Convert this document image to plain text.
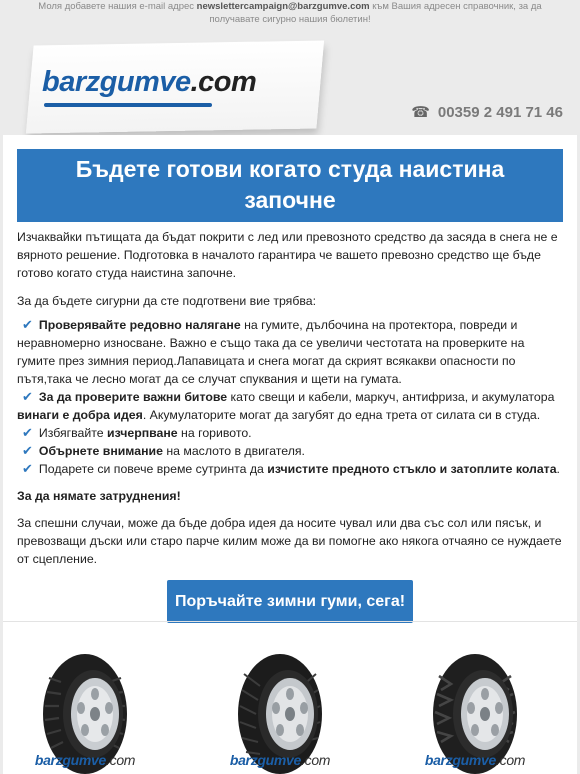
Моля добавете нашия e-mail адрес newslettercampaign@barzgumve.com към Вашия адресен справочник, за да получавате сигурно нашия бюлетин!
barzgumve.com
☎ 00359 2 491 71 46
Бъдете готови когато студа наистина започне

Изчаквайки пътищата да бъдат покрити с лед или превозното средство да засяда в снега не е вярното решение. Подготовка в началото гарантира че вашето превозно средство ще бъде готово когато студа наистина започне.

За да бъдете сигурни да сте подготвени вие трябва:

✔ Проверявайте редовно налягане на гумите, дълбочина на протектора, повреди и неравномерно износване. Важно е също така да се увеличи честотата на проверките на гумите през зимния период.Лапавицата и снега могат да скрият всякакви опасности по пътя,така че лесно могат да се случат спуквания и щети на гумата.
✔ За да проверите важни битове като свещи и кабели, маркуч, антифриза, и акумулатора винаги е добра идея. Акумулаторите могат да загубят до една трета от силата си в студа.
✔ Избягвайте изчерпване на горивото.
✔ Обърнете внимание на маслото в двигателя.
✔ Подарете си повече време сутринта да изчистите предното стъкло и затоплите колата.

За да нямате затруднения!

За спешни случаи, може да бъде добра идея да носите чувал или два със сол или пясък, и превозващи дъски или старо парче килим може да ви помогне ако някога отчаяно се нуждаете от сцепление.

Поръчайте зимни гуми, сега!
barzgumve.com	barzgumve.com	barzgumve.com
